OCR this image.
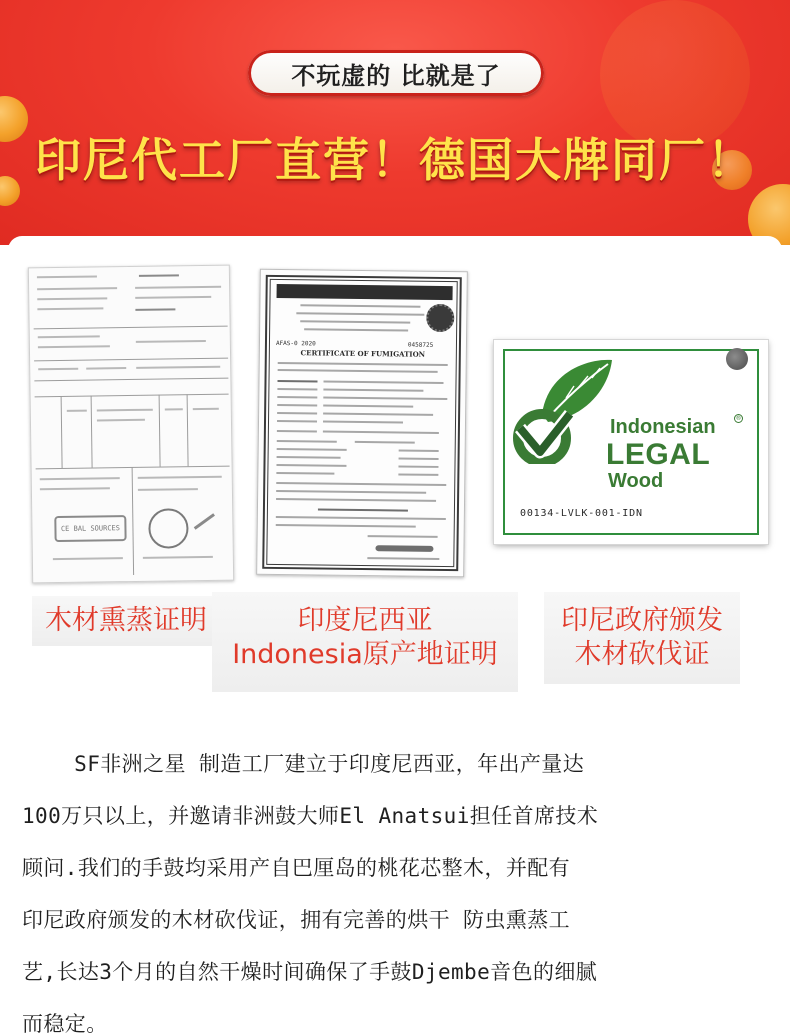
不玩虚的 比就是了
印尼代工厂直营！德国大牌同厂！
CE BAL SOURCES
AFAS-0 2020	0458725
CERTIFICATE OF FUMIGATION
Indonesian	®
LEGAL
Wood
00134-LVLK-001-IDN
木材熏蒸证明	印度尼西亚
Indonesia原产地证明
印尼政府颁发
木材砍伐证
SF非洲之星 制造工厂建立于印度尼西亚，年出产量达
100万只以上，并邀请非洲鼓大师El Anatsui担任首席技术
顾问.我们的手鼓均采用产自巴厘岛的桃花芯整木，并配有
印尼政府颁发的木材砍伐证，拥有完善的烘干 防虫熏蒸工
艺,长达3个月的自然干燥时间确保了手鼓Djembe音色的细腻
而稳定。
